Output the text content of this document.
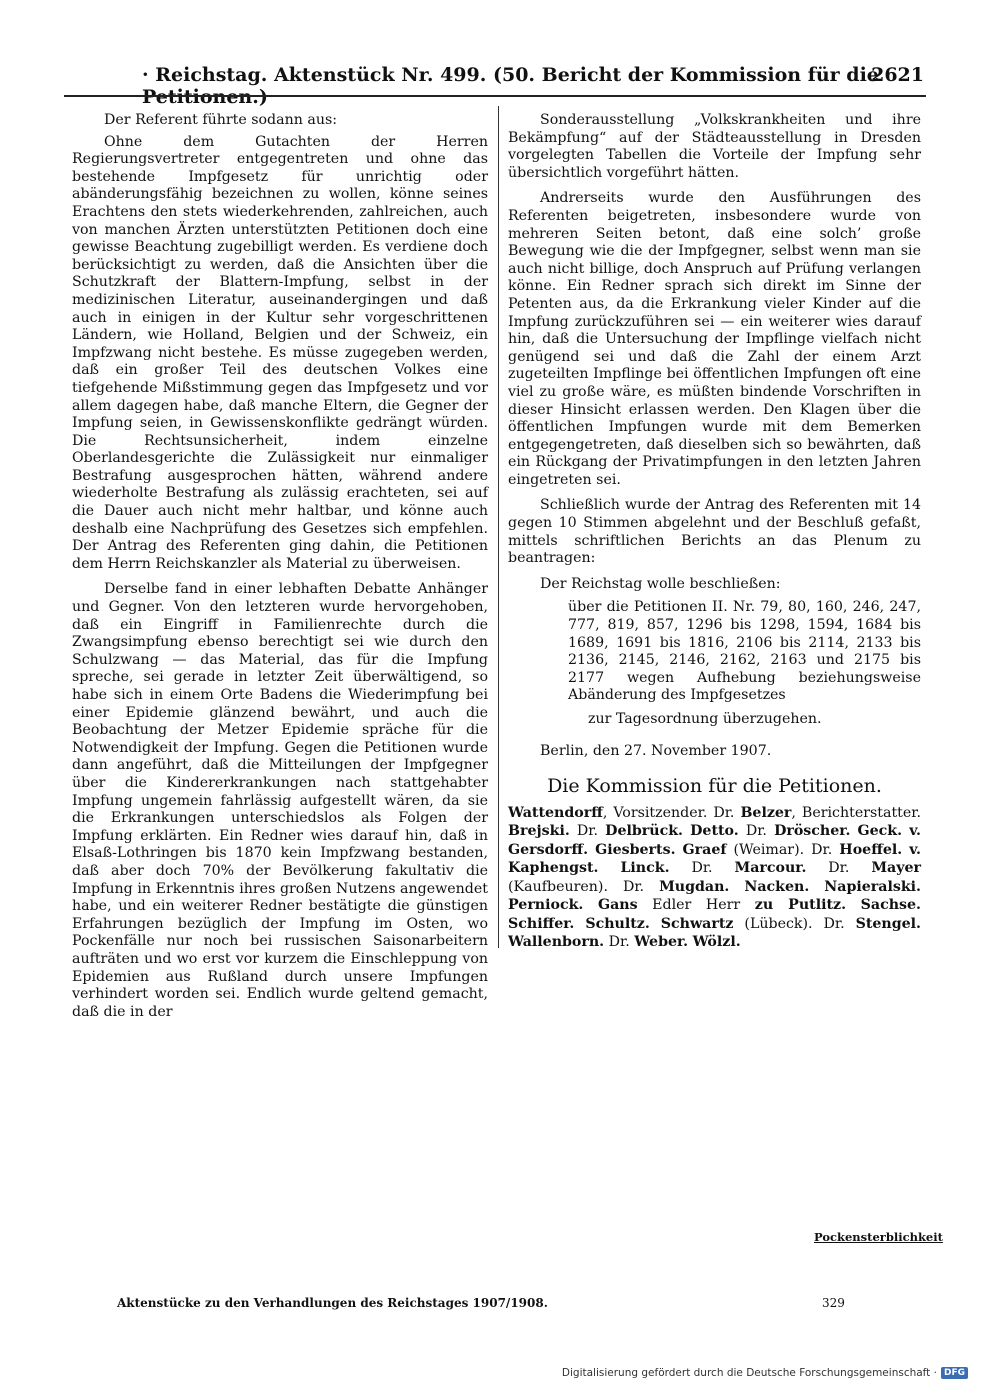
· Reichstag. Aktenstück Nr. 499. (50. Bericht der Kommission für die Petitionen.)
2621

Der Referent führte sodann aus:

Ohne dem Gutachten der Herren Regierungsvertreter entgegentreten und ohne das bestehende Impfgesetz für unrichtig oder abänderungsfähig bezeichnen zu wollen, könne seines Erachtens den stets wiederkehrenden, zahlreichen, auch von manchen Ärzten unterstützten Petitionen doch eine gewisse Beachtung zugebilligt werden. Es verdiene doch berücksichtigt zu werden, daß die Ansichten über die Schutzkraft der Blattern-Impfung, selbst in der medizinischen Literatur, auseinandergingen und daß auch in einigen in der Kultur sehr vorgeschrittenen Ländern, wie Holland, Belgien und der Schweiz, ein Impfzwang nicht bestehe. Es müsse zugegeben werden, daß ein großer Teil des deutschen Volkes eine tiefgehende Mißstimmung gegen das Impfgesetz und vor allem dagegen habe, daß manche Eltern, die Gegner der Impfung seien, in Gewissenskonflikte gedrängt würden. Die Rechtsunsicherheit, indem einzelne Oberlandesgerichte die Zulässigkeit nur einmaliger Bestrafung ausgesprochen hätten, während andere wiederholte Bestrafung als zulässig erachteten, sei auf die Dauer auch nicht mehr haltbar, und könne auch deshalb eine Nachprüfung des Gesetzes sich empfehlen. Der Antrag des Referenten ging dahin, die Petitionen dem Herrn Reichskanzler als Material zu überweisen.

Derselbe fand in einer lebhaften Debatte Anhänger und Gegner. Von den letzteren wurde hervorgehoben, daß ein Eingriff in Familienrechte durch die Zwangsimpfung ebenso berechtigt sei wie durch den Schulzwang — das Material, das für die Impfung spreche, sei gerade in letzter Zeit überwältigend, so habe sich in einem Orte Badens die Wiederimpfung bei einer Epidemie glänzend bewährt, und auch die Beobachtung der Metzer Epidemie spräche für die Notwendigkeit der Impfung. Gegen die Petitionen wurde dann angeführt, daß die Mitteilungen der Impfgegner über die Kindererkrankungen nach stattgehabter Impfung ungemein fahrlässig aufgestellt wären, da sie die Erkrankungen unterschiedslos als Folgen der Impfung erklärten. Ein Redner wies darauf hin, daß in Elsaß-Lothringen bis 1870 kein Impfzwang bestanden, daß aber doch 70% der Bevölkerung fakultativ die Impfung in Erkenntnis ihres großen Nutzens angewendet habe, und ein weiterer Redner bestätigte die günstigen Erfahrungen bezüglich der Impfung im Osten, wo Pockenfälle nur noch bei russischen Saisonarbeitern aufträten und wo erst vor kurzem die Einschleppung von Epidemien aus Rußland durch unsere Impfungen verhindert worden sei. Endlich wurde geltend gemacht, daß die in der

Sonderausstellung „Volkskrankheiten und ihre Bekämpfung“ auf der Städteausstellung in Dresden vorgelegten Tabellen die Vorteile der Impfung sehr übersichtlich vorgeführt hätten.

Andrerseits wurde den Ausführungen des Referenten beigetreten, insbesondere wurde von mehreren Seiten betont, daß eine solch’ große Bewegung wie die der Impfgegner, selbst wenn man sie auch nicht billige, doch Anspruch auf Prüfung verlangen könne. Ein Redner sprach sich direkt im Sinne der Petenten aus, da die Erkrankung vieler Kinder auf die Impfung zurückzuführen sei — ein weiterer wies darauf hin, daß die Untersuchung der Impflinge vielfach nicht genügend sei und daß die Zahl der einem Arzt zugeteilten Impflinge bei öffentlichen Impfungen oft eine viel zu große wäre, es müßten bindende Vorschriften in dieser Hinsicht erlassen werden. Den Klagen über die öffentlichen Impfungen wurde mit dem Bemerken entgegengetreten, daß dieselben sich so bewährten, daß ein Rückgang der Privatimpfungen in den letzten Jahren eingetreten sei.

Schließlich wurde der Antrag des Referenten mit 14 gegen 10 Stimmen abgelehnt und der Beschluß gefaßt, mittels schriftlichen Berichts an das Plenum zu beantragen:

Der Reichstag wolle beschließen:
über die Petitionen II. Nr. 79, 80, 160, 246, 247, 777, 819, 857, 1296 bis 1298, 1594, 1684 bis 1689, 1691 bis 1816, 2106 bis 2114, 2133 bis 2136, 2145, 2146, 2162, 2163 und 2175 bis 2177 wegen Aufhebung beziehungsweise Abänderung des Impfgesetzes
zur Tagesordnung überzugehen.
Berlin, den 27. November 1907.
Die Kommission für die Petitionen.
Wattendorff, Vorsitzender. Dr. Belzer, Berichterstatter. Brejski. Dr. Delbrück. Detto. Dr. Dröscher. Geck. v. Gersdorff. Giesberts. Graef (Weimar). Dr. Hoeffel. v. Kaphengst. Linck. Dr. Marcour. Dr. Mayer (Kaufbeuren). Dr. Mugdan. Nacken. Napieralski. Perniock. Gans Edler Herr zu Putlitz. Sachse. Schiffer. Schultz. Schwartz (Lübeck). Dr. Stengel. Wallenborn. Dr. Weber. Wölzl.
Pockensterblichkeit
Aktenstücke zu den Verhandlungen des Reichstages 1907/1908.	329
Digitalisierung gefördert durch die Deutsche Forschungsgemeinschaft · DFG
